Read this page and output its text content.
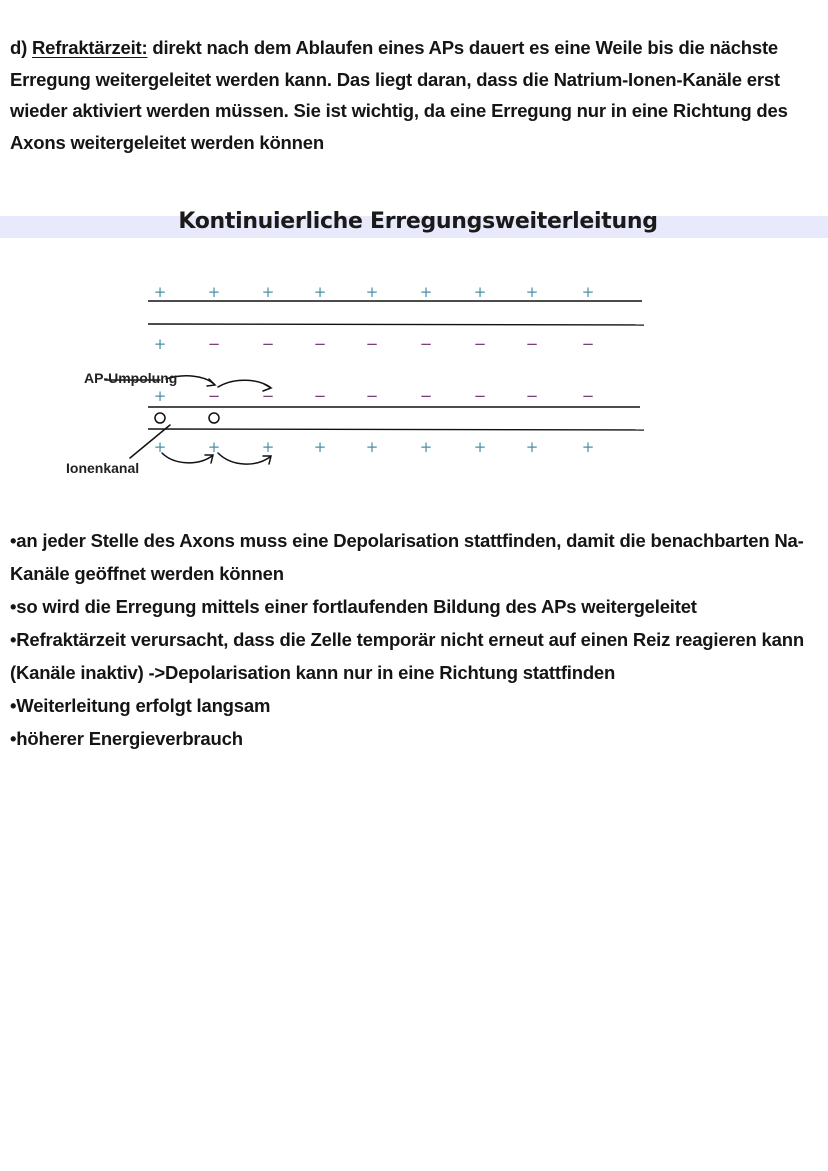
d) Refraktärzeit: direkt nach dem Ablaufen eines APs dauert es eine Weile bis die nächste Erregung weitergeleitet werden kann. Das liegt daran, dass die Natrium-Ionen-Kanäle erst wieder aktiviert werden müssen. Sie ist wichtig, da eine Erregung nur in eine Richtung des Axons weitergeleitet werden können

Kontinuierliche Erregungsweiterleitung
+	+	+	+	+	+	+	+	+
+	−	−	−	−	−	−	−	−
+	−	−	−	−	−	−	−	−
+	+	+	+	+	+	+	+	+
AP-Umpolung
Ionenkanal
•an jeder Stelle des Axons muss eine Depolarisation stattfinden, damit die benachbarten Na-Kanäle geöffnet werden können
•so wird die Erregung mittels einer fortlaufenden Bildung des APs weitergeleitet
•Refraktärzeit verursacht, dass die Zelle temporär nicht erneut auf einen Reiz reagieren kann (Kanäle inaktiv) ->Depolarisation kann nur in eine Richtung stattfinden
•Weiterleitung erfolgt langsam
•höherer Energieverbrauch
